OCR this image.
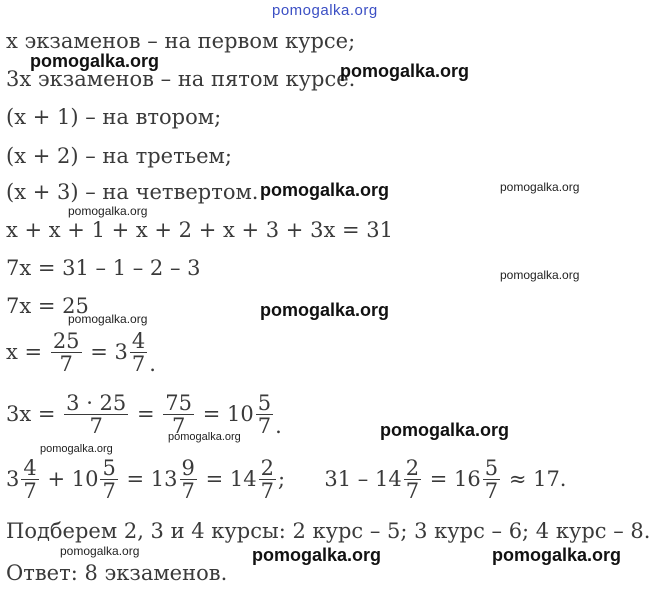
pomogalka.org
x экзаменов – на первом курсе;
3x экзаменов – на пятом курсе.
(x + 1) – на втором;
(x + 2) – на третьем;
(x + 3) – на четвертом.
x + x + 1 + x + 2 + x + 3 + 3x = 31
7x = 31 – 1 – 2 – 3
7x = 25
$x = \frac{25}{7} = 3 \frac{4}{7}$ .
$3x = \frac{3 \cdot 25}{7} = \frac{75}{7} = 10 \frac{5}{7}$ .
$3 \frac{4}{7} + 10 \frac{5}{7} = 13 \frac{9}{7} = 14 \frac{2}{7}$ ; $31 - 14 \frac{2}{7} = 16 \frac{5}{7} \approx 17$.
Подберем 2, 3 и 4 курсы: 2 курс – 5; 3 курс – 6; 4 курс – 8.
Ответ: 8 экзаменов.
pomogalka.org	pomogalka.org
pomogalka.org	pomogalka.org
pomogalka.org
pomogalka.org
pomogalka.org
pomogalka.org
pomogalka.org
pomogalka.org
pomogalka.org
pomogalka.org	pomogalka.org	pomogalka.org
